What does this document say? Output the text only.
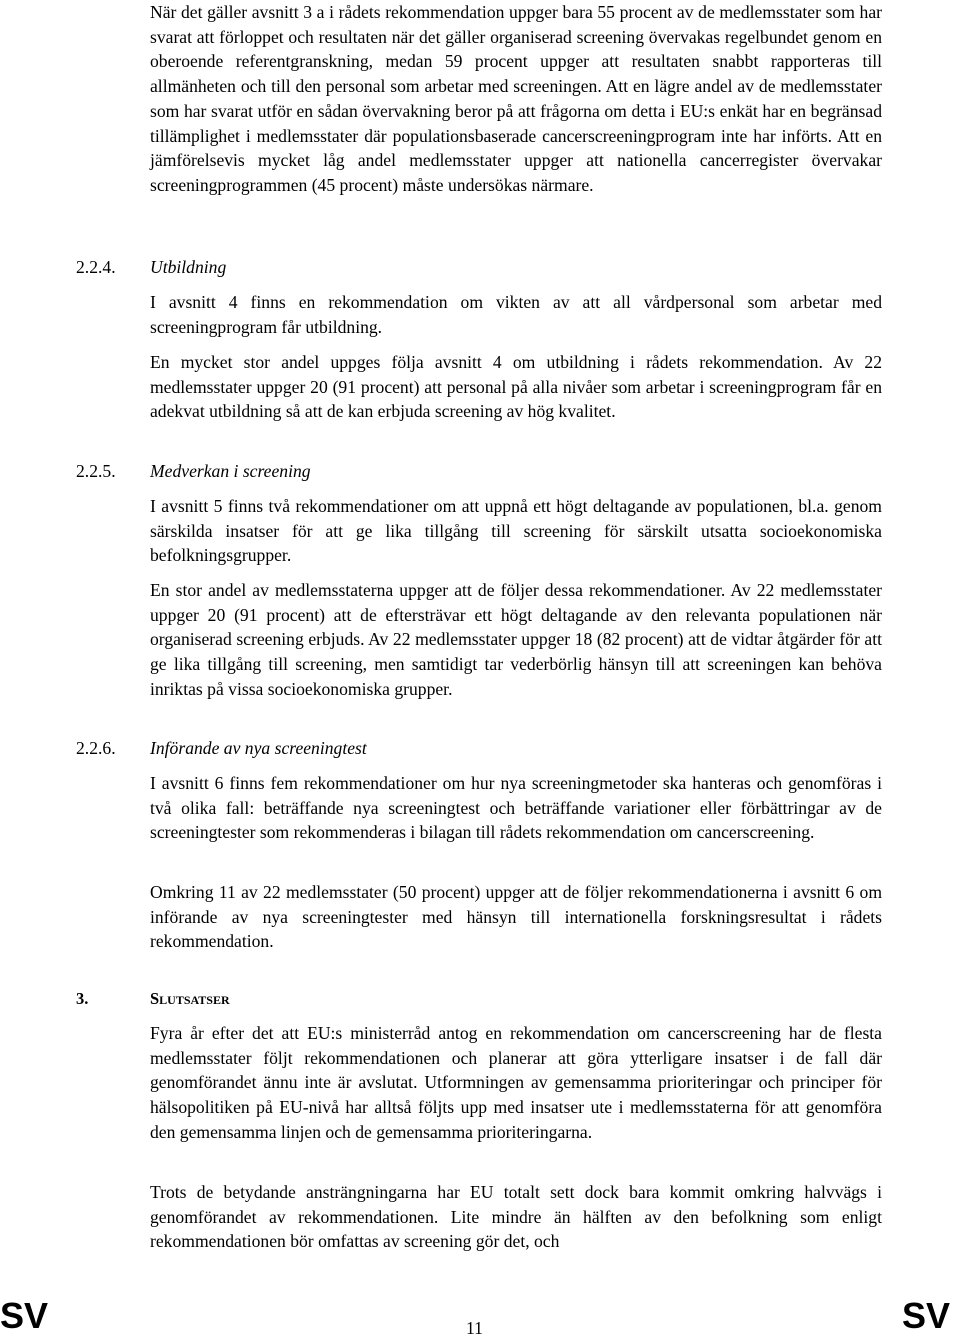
När det gäller avsnitt 3 a i rådets rekommendation uppger bara 55 procent av de medlemsstater som har svarat att förloppet och resultaten när det gäller organiserad screening övervakas regelbundet genom en oberoende referentgranskning, medan 59 procent uppger att resultaten snabbt rapporteras till allmänheten och till den personal som arbetar med screeningen. Att en lägre andel av de medlemsstater som har svarat utför en sådan övervakning beror på att frågorna om detta i EU:s enkät har en begränsad tillämplighet i medlemsstater där populationsbaserade cancerscreeningprogram inte har införts. Att en jämförelsevis mycket låg andel medlemsstater uppger att nationella cancerregister övervakar screeningprogrammen (45 procent) måste undersökas närmare.

2.2.4. Utbildning

I avsnitt 4 finns en rekommendation om vikten av att all vårdpersonal som arbetar med screeningprogram får utbildning.

En mycket stor andel uppges följa avsnitt 4 om utbildning i rådets rekommendation. Av 22 medlemsstater uppger 20 (91 procent) att personal på alla nivåer som arbetar i screeningprogram får en adekvat utbildning så att de kan erbjuda screening av hög kvalitet.

2.2.5. Medverkan i screening

I avsnitt 5 finns två rekommendationer om att uppnå ett högt deltagande av populationen, bl.a. genom särskilda insatser för att ge lika tillgång till screening för särskilt utsatta socioekonomiska befolkningsgrupper.

En stor andel av medlemsstaterna uppger att de följer dessa rekommendationer. Av 22 medlemsstater uppger 20 (91 procent) att de eftersträvar ett högt deltagande av den relevanta populationen när organiserad screening erbjuds. Av 22 medlemsstater uppger 18 (82 procent) att de vidtar åtgärder för att ge lika tillgång till screening, men samtidigt tar vederbörlig hänsyn till att screeningen kan behöva inriktas på vissa socioekonomiska grupper.

2.2.6. Införande av nya screeningtest

I avsnitt 6 finns fem rekommendationer om hur nya screeningmetoder ska hanteras och genomföras i två olika fall: beträffande nya screeningtest och beträffande variationer eller förbättringar av de screeningtester som rekommenderas i bilagan till rådets rekommendation om cancerscreening.

Omkring 11 av 22 medlemsstater (50 procent) uppger att de följer rekommendationerna i avsnitt 6 om införande av nya screeningtester med hänsyn till internationella forskningsresultat i rådets rekommendation.

3.	Slutsatser

Fyra år efter det att EU:s ministerråd antog en rekommendation om cancerscreening har de flesta medlemsstater följt rekommendationen och planerar att göra ytterligare insatser i de fall där genomförandet ännu inte är avslutat. Utformningen av gemensamma prioriteringar och principer för hälsopolitiken på EU-nivå har alltså följts upp med insatser ute i medlemsstaterna för att genomföra den gemensamma linjen och de gemensamma prioriteringarna.

Trots de betydande ansträngningarna har EU totalt sett dock bara kommit omkring halvvägs i genomförandet av rekommendationen. Lite mindre än hälften av den befolkning som enligt rekommendationen bör omfattas av screening gör det, och

SV	11	SV
